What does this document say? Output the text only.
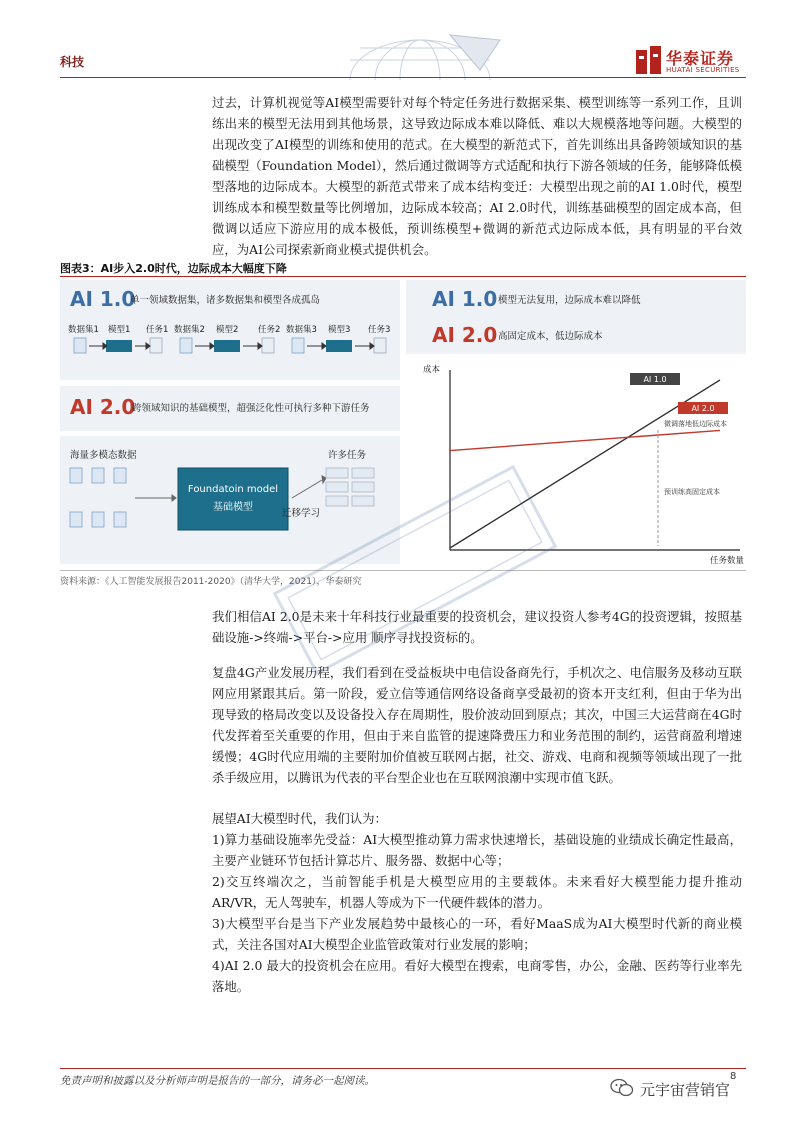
科技	华泰证券
HUATAI SECURITIES

过去，计算机视觉等AI模型需要针对每个特定任务进行数据采集、模型训练等一系列工作，且训练出来的模型无法用到其他场景，这导致边际成本难以降低、难以大规模落地等问题。大模型的出现改变了AI模型的训练和使用的范式。在大模型的新范式下，首先训练出具备跨领域知识的基础模型（Foundation Model），然后通过微调等方式适配和执行下游各领域的任务，能够降低模型落地的边际成本。大模型的新范式带来了成本结构变迁：大模型出现之前的AI 1.0时代，模型训练成本和模型数量等比例增加，边际成本较高；AI 2.0时代，训练基础模型的固定成本高，但微调以适应下游应用的成本极低，预训练模型+微调的新范式边际成本低，具有明显的平台效应，为AI公司探索新商业模式提供机会。

图表3：AI步入2.0时代，边际成本大幅度下降
AI 1.0
单一领域数据集，诸多数据集和模型各成孤岛
数据集1 模型1 任务1 数据集2 模型2 任务2 数据集3 模型3 任务3
AI 2.0
跨领域知识的基础模型，超强泛化性可执行多种下游任务
海量多模态数据
Foundatoin model
基础模型
迁移学习
许多任务
AI 1.0 模型无法复用，边际成本难以降低
AI 2.0 高固定成本，低边际成本
成本
任务数量
AI 1.0
AI 2.0
微调落地低边际成本
预训练高固定成本
资料来源：《人工智能发展报告2011-2020》（清华大学，2021），华泰研究

我们相信AI 2.0是未来十年科技行业最重要的投资机会，建议投资人参考4G的投资逻辑，按照基础设施->终端->平台->应用 顺序寻找投资标的。

复盘4G产业发展历程，我们看到在受益板块中电信设备商先行，手机次之、电信服务及移动互联网应用紧跟其后。第一阶段，爱立信等通信网络设备商享受最初的资本开支红利，但由于华为出现导致的格局改变以及设备投入存在周期性，股价波动回到原点；其次，中国三大运营商在4G时代发挥着至关重要的作用，但由于来自监管的提速降费压力和业务范围的制约，运营商盈利增速缓慢；4G时代应用端的主要附加价值被互联网占据，社交、游戏、电商和视频等领域出现了一批杀手级应用，以腾讯为代表的平台型企业也在互联网浪潮中实现市值飞跃。

展望AI大模型时代，我们认为：

1)算力基础设施率先受益：AI大模型推动算力需求快速增长，基础设施的业绩成长确定性最高，主要产业链环节包括计算芯片、服务器、数据中心等；

2)交互终端次之，当前智能手机是大模型应用的主要载体。未来看好大模型能力提升推动AR/VR，无人驾驶车，机器人等成为下一代硬件载体的潜力。

3)大模型平台是当下产业发展趋势中最核心的一环，看好MaaS成为AI大模型时代新的商业模式，关注各国对AI大模型企业监管政策对行业发展的影响；

4)AI 2.0 最大的投资机会在应用。看好大模型在搜索，电商零售，办公，金融、医药等行业率先落地。

免责声明和披露以及分析师声明是报告的一部分，请务必一起阅读。	8
元宇宙营销官
